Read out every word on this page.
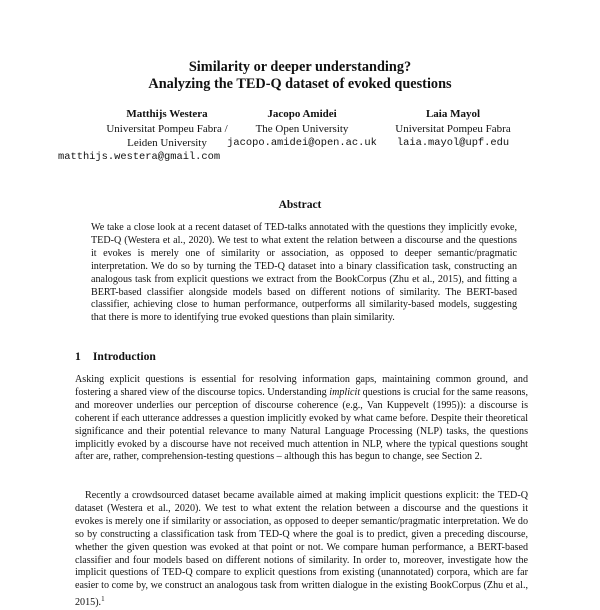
Similarity or deeper understanding?
Analyzing the TED-Q dataset of evoked questions
Matthijs Westera
Universitat Pompeu Fabra /
Leiden University
Jacopo Amidei
The Open University
jacopo.amidei@open.ac.uk
Laia Mayol
Universitat Pompeu Fabra
laia.mayol@upf.edu
matthijs.westera@gmail.com
Abstract
We take a close look at a recent dataset of TED-talks annotated with the questions they implicitly evoke, TED-Q (Westera et al., 2020). We test to what extent the relation between a discourse and the questions it evokes is merely one of similarity or association, as opposed to deeper semantic/pragmatic interpretation. We do so by turning the TED-Q dataset into a binary classification task, constructing an analogous task from explicit questions we extract from the BookCorpus (Zhu et al., 2015), and fitting a BERT-based classifier alongside models based on different notions of similarity. The BERT-based classifier, achieving close to human performance, outperforms all similarity-based models, suggesting that there is more to identifying true evoked questions than plain similarity.
1 Introduction
Asking explicit questions is essential for resolving information gaps, maintaining common ground, and fostering a shared view of the discourse topics. Understanding implicit questions is crucial for the same reasons, and moreover underlies our perception of discourse coherence (e.g., Van Kuppevelt (1995)): a discourse is coherent if each utterance addresses a question implicitly evoked by what came before. Despite their theoretical significance and their potential relevance to many Natural Language Processing (NLP) tasks, the questions implicitly evoked by a discourse have not received much attention in NLP, where the typical questions sought after are, rather, comprehension-testing questions – although this has begun to change, see Section 2.
Recently a crowdsourced dataset became available aimed at making implicit questions explicit: the TED-Q dataset (Westera et al., 2020). We test to what extent the relation between a discourse and the questions it evokes is merely one if similarity or association, as opposed to deeper semantic/pragmatic interpretation. We do so by constructing a classification task from TED-Q where the goal is to predict, given a preceding discourse, whether the given question was evoked at that point or not. We compare human performance, a BERT-based classifier and four models based on different notions of similarity. In order to, moreover, investigate how the implicit questions of TED-Q compare to explicit questions from existing (unannotated) corpora, which are far easier to come by, we construct an analogous task from written dialogue in the existing BookCorpus (Zhu et al., 2015).$^1$
